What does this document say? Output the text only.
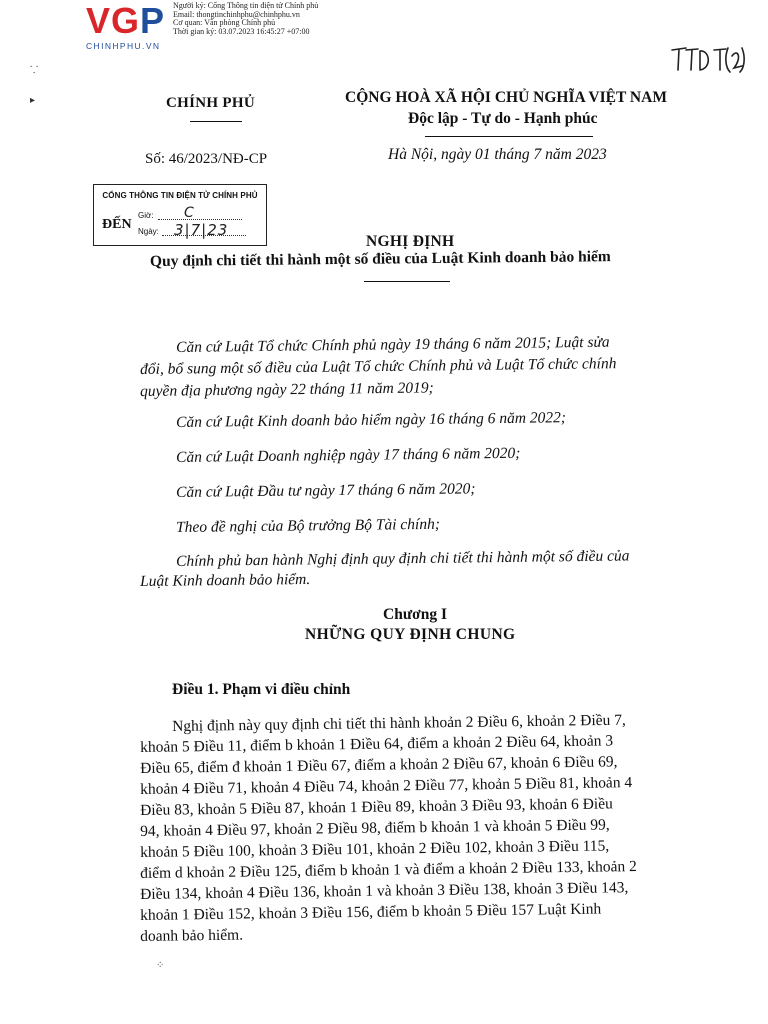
VGP
CHINHPHU.VN
Người ký: Cổng Thông tin điện tử Chính phủ
Email: thongtinchinhphu@chinhphu.vn
Cơ quan: Văn phòng Chính phủ
Thời gian ký: 03.07.2023 16:45:27 +07:00
⸪
▸	CHÍNH PHỦ	CỘNG HOÀ XÃ HỘI CHỦ NGHĨA VIỆT NAM
Độc lập - Tự do - Hạnh phúc
Số: 46/2023/NĐ-CP	Hà Nội, ngày 01 tháng 7 năm 2023
CỔNG THÔNG TIN ĐIỆN TỬ CHÍNH PHỦ
ĐẾN
Giờ: C
Ngày: 3|7|23
NGHỊ ĐỊNH
Quy định chi tiết thi hành một số điều của Luật Kinh doanh bảo hiểm
Căn cứ Luật Tổ chức Chính phủ ngày 19 tháng 6 năm 2015; Luật sửa
đổi, bổ sung một số điều của Luật Tổ chức Chính phủ và Luật Tổ chức chính
quyền địa phương ngày 22 tháng 11 năm 2019;
Căn cứ Luật Kinh doanh bảo hiểm ngày 16 tháng 6 năm 2022;
Căn cứ Luật Doanh nghiệp ngày 17 tháng 6 năm 2020;
Căn cứ Luật Đầu tư ngày 17 tháng 6 năm 2020;
Theo đề nghị của Bộ trưởng Bộ Tài chính;
Chính phủ ban hành Nghị định quy định chi tiết thi hành một số điều của
Luật Kinh doanh bảo hiểm.
Chương I
NHỮNG QUY ĐỊNH CHUNG
Điều 1. Phạm vi điều chỉnh
Nghị định này quy định chi tiết thi hành khoản 2 Điều 6, khoản 2 Điều 7,
khoản 5 Điều 11, điểm b khoản 1 Điều 64, điểm a khoản 2 Điều 64, khoản 3
Điều 65, điểm đ khoản 1 Điều 67, điểm a khoản 2 Điều 67, khoản 6 Điều 69,
khoản 4 Điều 71, khoản 4 Điều 74, khoản 2 Điều 77, khoản 5 Điều 81, khoản 4
Điều 83, khoản 5 Điều 87, khoản 1 Điều 89, khoản 3 Điều 93, khoản 6 Điều
94, khoản 4 Điều 97, khoản 2 Điều 98, điểm b khoản 1 và khoản 5 Điều 99,
khoản 5 Điều 100, khoản 3 Điều 101, khoản 2 Điều 102, khoản 3 Điều 115,
điểm d khoản 2 Điều 125, điểm b khoản 1 và điểm a khoản 2 Điều 133, khoản 2
Điều 134, khoản 4 Điều 136, khoản 1 và khoản 3 Điều 138, khoản 3 Điều 143,
khoản 1 Điều 152, khoản 3 Điều 156, điểm b khoản 5 Điều 157 Luật Kinh
doanh bảo hiểm.
⁘
